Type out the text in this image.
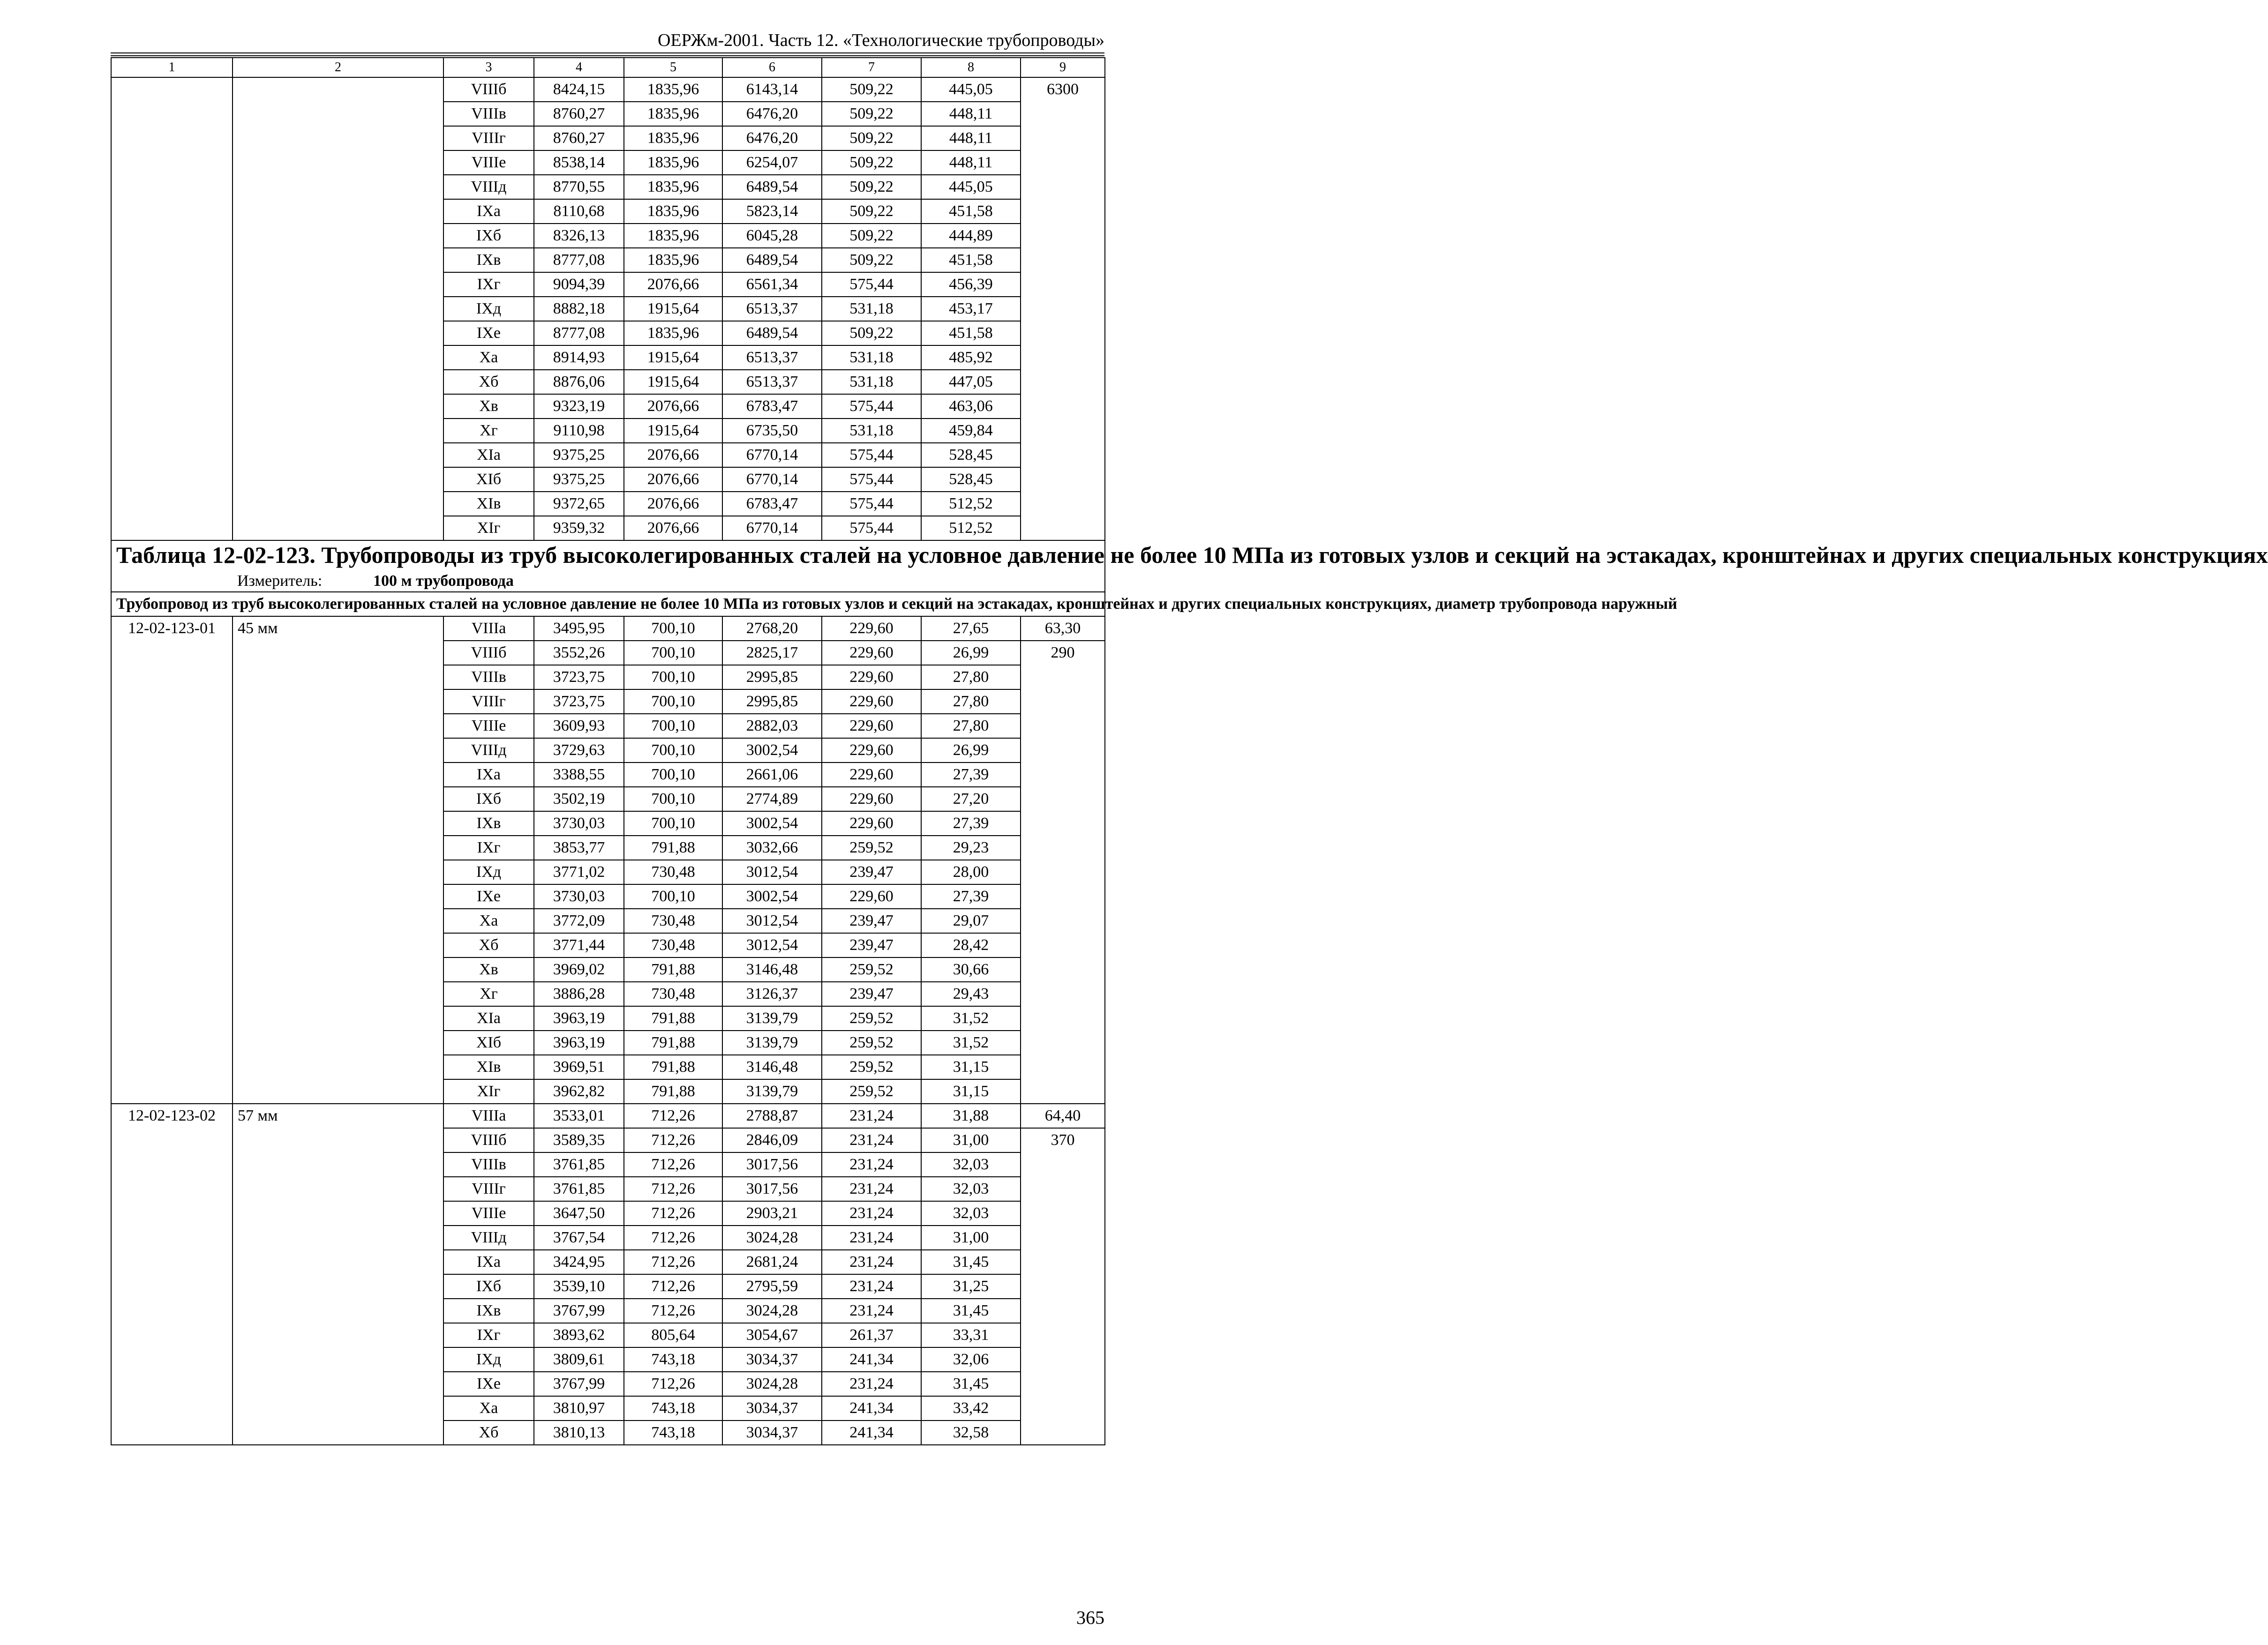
ОЕРЖм-2001. Часть 12. «Технологические трубопроводы»
1	2	3	4	5	6	7	8	9
		VIIIб	8424,15	1835,96	6143,14	509,22	445,05	6300
		VIIIв	8760,27	1835,96	6476,20	509,22	448,11	
		VIIIг	8760,27	1835,96	6476,20	509,22	448,11	
		VIIIе	8538,14	1835,96	6254,07	509,22	448,11	
		VIIIд	8770,55	1835,96	6489,54	509,22	445,05	
		IXа	8110,68	1835,96	5823,14	509,22	451,58	
		IXб	8326,13	1835,96	6045,28	509,22	444,89	
		IXв	8777,08	1835,96	6489,54	509,22	451,58	
		IXг	9094,39	2076,66	6561,34	575,44	456,39	
		IXд	8882,18	1915,64	6513,37	531,18	453,17	
		IXе	8777,08	1835,96	6489,54	509,22	451,58	
		Xа	8914,93	1915,64	6513,37	531,18	485,92	
		Xб	8876,06	1915,64	6513,37	531,18	447,05	
		Xв	9323,19	2076,66	6783,47	575,44	463,06	
		Xг	9110,98	1915,64	6735,50	531,18	459,84	
		XIа	9375,25	2076,66	6770,14	575,44	528,45	
		XIб	9375,25	2076,66	6770,14	575,44	528,45	
		XIв	9372,65	2076,66	6783,47	575,44	512,52	
		XIг	9359,32	2076,66	6770,14	575,44	512,52	

Таблица 12-02-123. Трубопроводы из труб высоколегированных сталей на условное давление не более 10 МПа из готовых узлов и секций на эстакадах, кронштейнах и других специальных конструкциях
Измеритель: 100 м трубопровода								

Трубопровод из труб высоколегированных сталей на условное давление не более 10 МПа из готовых узлов и секций на эстакадах, кронштейнах и других специальных конструкциях, диаметр трубопровода наружный								
12-02-123-01	45 мм	VIIIа	3495,95	700,10	2768,20	229,60	27,65	63,30
		VIIIб	3552,26	700,10	2825,17	229,60	26,99	290
		VIIIв	3723,75	700,10	2995,85	229,60	27,80	
		VIIIг	3723,75	700,10	2995,85	229,60	27,80	
		VIIIе	3609,93	700,10	2882,03	229,60	27,80	
		VIIIд	3729,63	700,10	3002,54	229,60	26,99	
		IXа	3388,55	700,10	2661,06	229,60	27,39	
		IXб	3502,19	700,10	2774,89	229,60	27,20	
		IXв	3730,03	700,10	3002,54	229,60	27,39	
		IXг	3853,77	791,88	3032,66	259,52	29,23	
		IXд	3771,02	730,48	3012,54	239,47	28,00	
		IXе	3730,03	700,10	3002,54	229,60	27,39	
		Xа	3772,09	730,48	3012,54	239,47	29,07	
		Xб	3771,44	730,48	3012,54	239,47	28,42	
		Xв	3969,02	791,88	3146,48	259,52	30,66	
		Xг	3886,28	730,48	3126,37	239,47	29,43	
		XIа	3963,19	791,88	3139,79	259,52	31,52	
		XIб	3963,19	791,88	3139,79	259,52	31,52	
		XIв	3969,51	791,88	3146,48	259,52	31,15	
		XIг	3962,82	791,88	3139,79	259,52	31,15	
12-02-123-02	57 мм	VIIIа	3533,01	712,26	2788,87	231,24	31,88	64,40
		VIIIб	3589,35	712,26	2846,09	231,24	31,00	370
		VIIIв	3761,85	712,26	3017,56	231,24	32,03	
		VIIIг	3761,85	712,26	3017,56	231,24	32,03	
		VIIIе	3647,50	712,26	2903,21	231,24	32,03	
		VIIIд	3767,54	712,26	3024,28	231,24	31,00	
		IXа	3424,95	712,26	2681,24	231,24	31,45	
		IXб	3539,10	712,26	2795,59	231,24	31,25	
		IXв	3767,99	712,26	3024,28	231,24	31,45	
		IXг	3893,62	805,64	3054,67	261,37	33,31	
		IXд	3809,61	743,18	3034,37	241,34	32,06	
		IXе	3767,99	712,26	3024,28	231,24	31,45	
		Xа	3810,97	743,18	3034,37	241,34	33,42	
		Xб	3810,13	743,18	3034,37	241,34	32,58	
365
